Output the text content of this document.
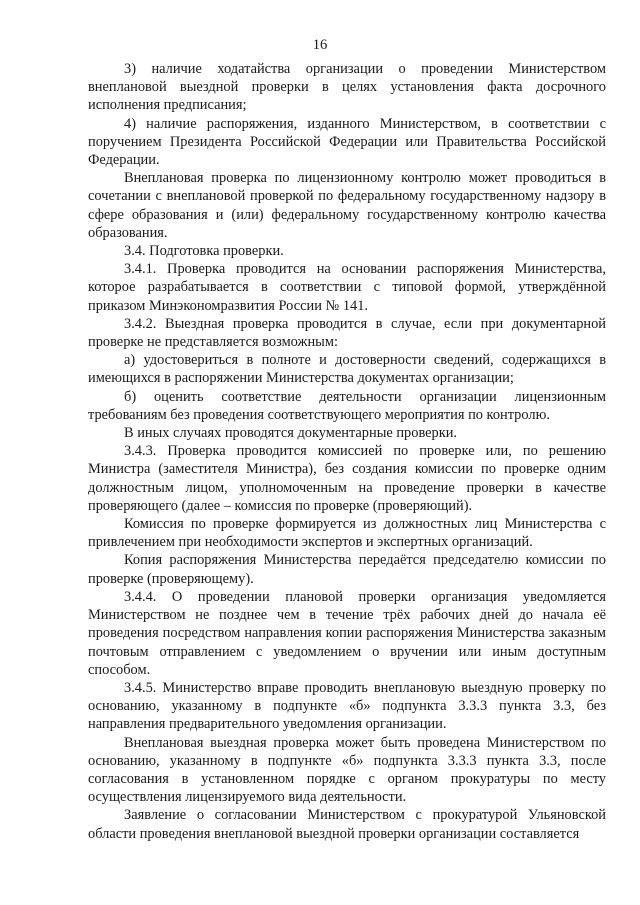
16

3) наличие ходатайства организации о проведении Министерством внеплановой выездной проверки в целях установления факта досрочного исполнения предписания;

4) наличие распоряжения, изданного Министерством, в соответствии с поручением Президента Российской Федерации или Правительства Российской Федерации.

Внеплановая проверка по лицензионному контролю может проводиться в сочетании с внеплановой проверкой по федеральному государственному надзору в сфере образования и (или) федеральному государственному контролю качества образования.

3.4. Подготовка проверки.

3.4.1. Проверка проводится на основании распоряжения Министерства, которое разрабатывается в соответствии с типовой формой, утверждённой приказом Минэкономразвития России № 141.

3.4.2. Выездная проверка проводится в случае, если при документарной проверке не представляется возможным:

а) удостовериться в полноте и достоверности сведений, содержащихся в имеющихся в распоряжении Министерства документах организации;

б) оценить соответствие деятельности организации лицензионным требованиям без проведения соответствующего мероприятия по контролю.

В иных случаях проводятся документарные проверки.

3.4.3. Проверка проводится комиссией по проверке или, по решению Министра (заместителя Министра), без создания комиссии по проверке одним должностным лицом, уполномоченным на проведение проверки в качестве проверяющего (далее – комиссия по проверке (проверяющий).

Комиссия по проверке формируется из должностных лиц Министерства с привлечением при необходимости экспертов и экспертных организаций.

Копия распоряжения Министерства передаётся председателю комиссии по проверке (проверяющему).

3.4.4. О проведении плановой проверки организация уведомляется Министерством не позднее чем в течение трёх рабочих дней до начала её проведения посредством направления копии распоряжения Министерства заказным почтовым отправлением с уведомлением о вручении или иным доступным способом.

3.4.5. Министерство вправе проводить внеплановую выездную проверку по основанию, указанному в подпункте «б» подпункта 3.3.3 пункта 3.3, без направления предварительного уведомления организации.

Внеплановая выездная проверка может быть проведена Министерством по основанию, указанному в подпункте «б» подпункта 3.3.3 пункта 3.3, после согласования в установленном порядке с органом прокуратуры по месту осуществления лицензируемого вида деятельности.

Заявление о согласовании Министерством с прокуратурой Ульяновской области проведения внеплановой выездной проверки организации составляется
